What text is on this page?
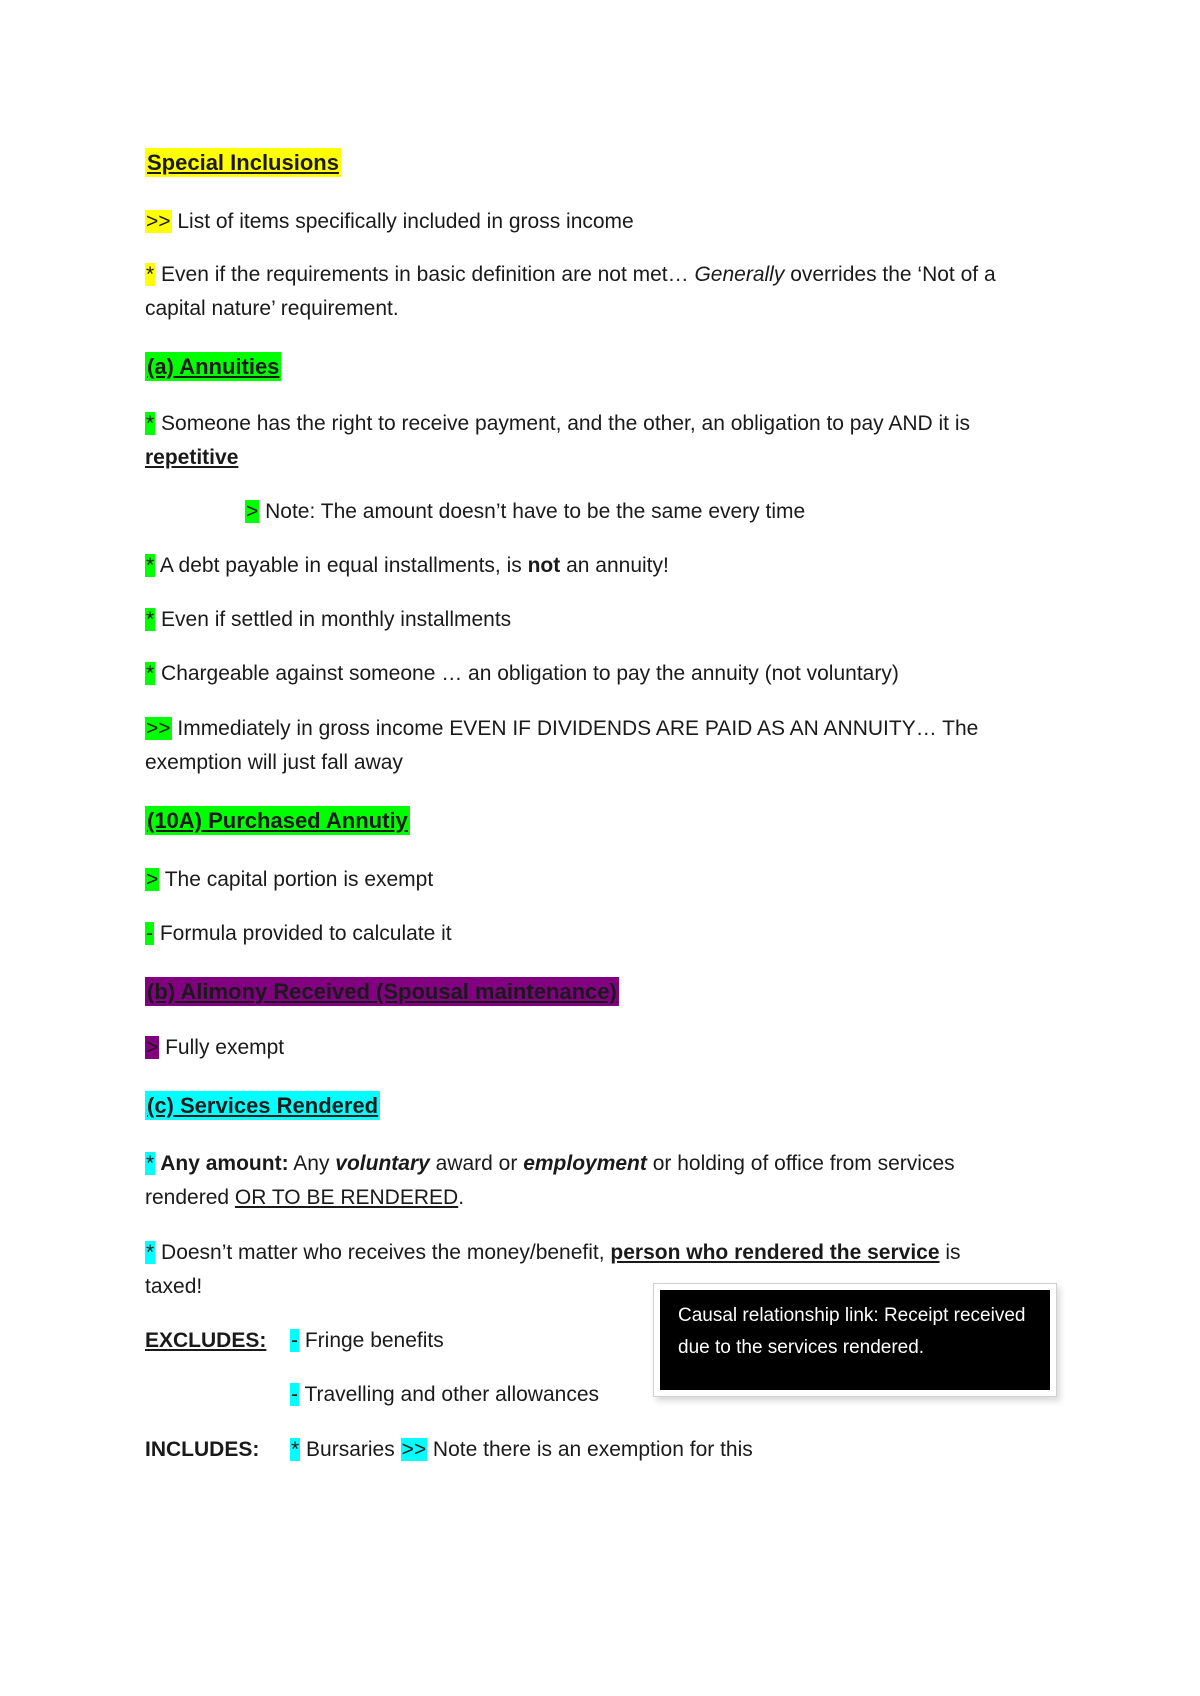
Special Inclusions
>> List of items specifically included in gross income
* Even if the requirements in basic definition are not met… Generally overrides the ‘Not of a
capital nature’ requirement.
(a) Annuities
* Someone has the right to receive payment, and the other, an obligation to pay AND it is
repetitive
> Note: The amount doesn’t have to be the same every time
* A debt payable in equal installments, is not an annuity!
* Even if settled in monthly installments
* Chargeable against someone … an obligation to pay the annuity (not voluntary)
>> Immediately in gross income EVEN IF DIVIDENDS ARE PAID AS AN ANNUITY… The
exemption will just fall away
(10A) Purchased Annutiy
> The capital portion is exempt
- Formula provided to calculate it
(b) Alimony Received (Spousal maintenance)
> Fully exempt
(c) Services Rendered
* Any amount: Any voluntary award or employment or holding of office from services
rendered OR TO BE RENDERED.
* Doesn’t matter who receives the money/benefit, person who rendered the service is
taxed!
EXCLUDES: - Fringe benefits
- Travelling and other allowances
INCLUDES: * Bursaries >> Note there is an exemption for this
Causal relationship link: Receipt received due to the services rendered.
